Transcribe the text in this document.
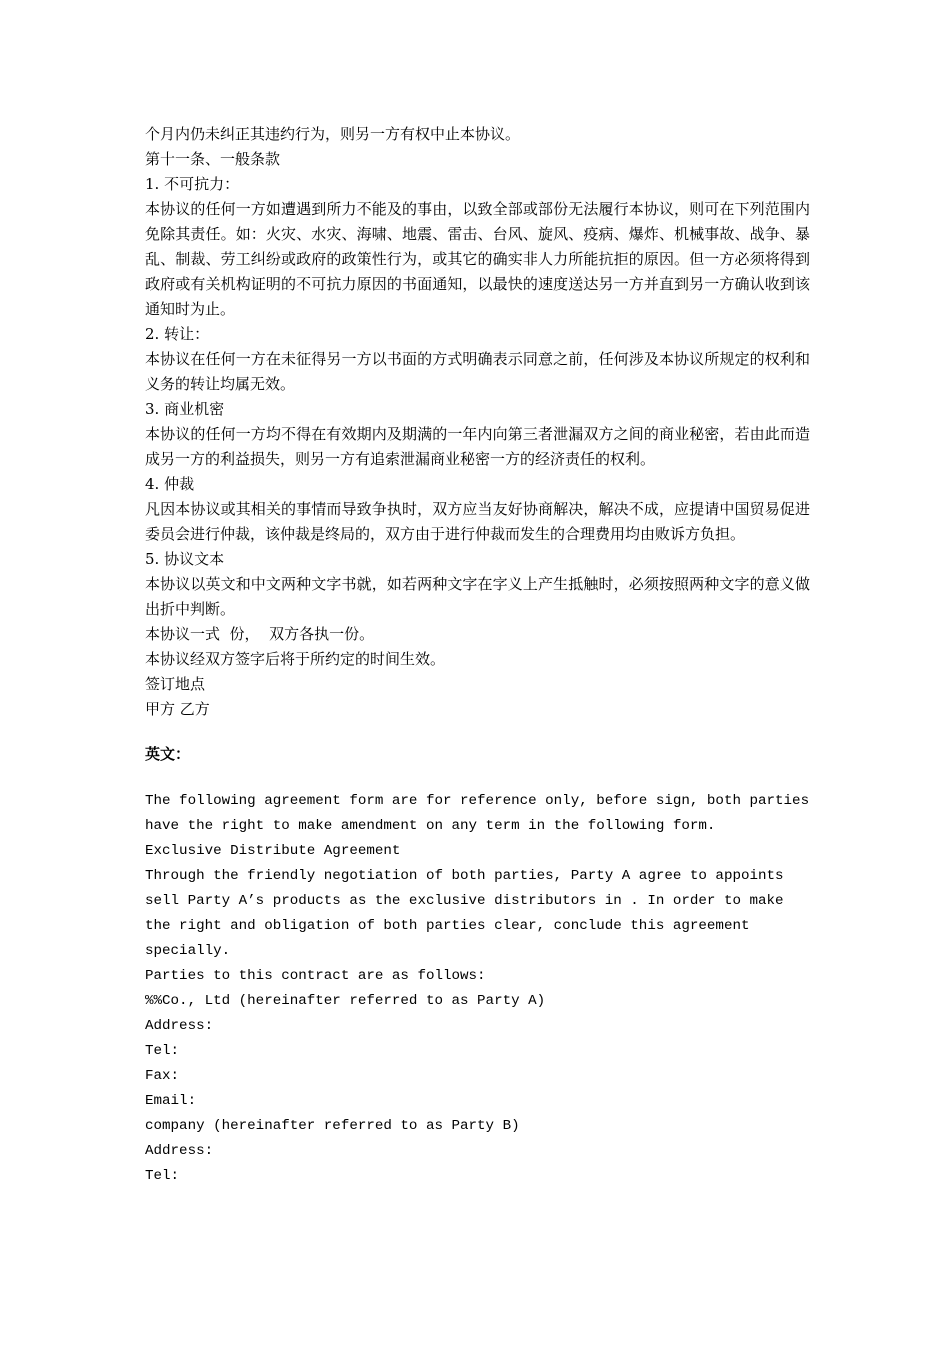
个月内仍未纠正其违约行为，则另一方有权中止本协议。

第十一条、一般条款

1. 不可抗力：

本协议的任何一方如遭遇到所力不能及的事由，以致全部或部份无法履行本协议，则可在下列范围内免除其责任。如：火灾、水灾、海啸、地震、雷击、台风、旋风、疫病、爆炸、机械事故、战争、暴乱、制裁、劳工纠纷或政府的政策性行为，或其它的确实非人力所能抗拒的原因。但一方必须将得到政府或有关机构证明的不可抗力原因的书面通知，以最快的速度送达另一方并直到另一方确认收到该通知时为止。

2. 转让：

本协议在任何一方在未征得另一方以书面的方式明确表示同意之前，任何涉及本协议所规定的权利和义务的转让均属无效。

3. 商业机密

本协议的任何一方均不得在有效期内及期满的一年内向第三者泄漏双方之间的商业秘密，若由此而造成另一方的利益损失，则另一方有追索泄漏商业秘密一方的经济责任的权利。

4. 仲裁

凡因本协议或其相关的事情而导致争执时，双方应当友好协商解决，解决不成，应提请中国贸易促进委员会进行仲裁，该仲裁是终局的，双方由于进行仲裁而发生的合理费用均由败诉方负担。

5. 协议文本

本协议以英文和中文两种文字书就，如若两种文字在字义上产生抵触时，必须按照两种文字的意义做出折中判断。

本协议一式  份，  双方各执一份。

本协议经双方签字后将于所约定的时间生效。

签订地点

甲方 乙方

英文：

The following agreement form are for reference only, before sign, both parties have the right to make amendment on any term in the following form.

Exclusive Distribute Agreement

Through the friendly negotiation of both parties, Party A agree to appoints sell Party A’s products as the exclusive distributors in . In order to make the right and obligation of both parties clear, conclude this agreement specially.

Parties to this contract are as follows:

%%Co., Ltd (hereinafter referred to as Party A)

Address:

Tel:

Fax:

Email:

company (hereinafter referred to as Party B)

Address:

Tel:
